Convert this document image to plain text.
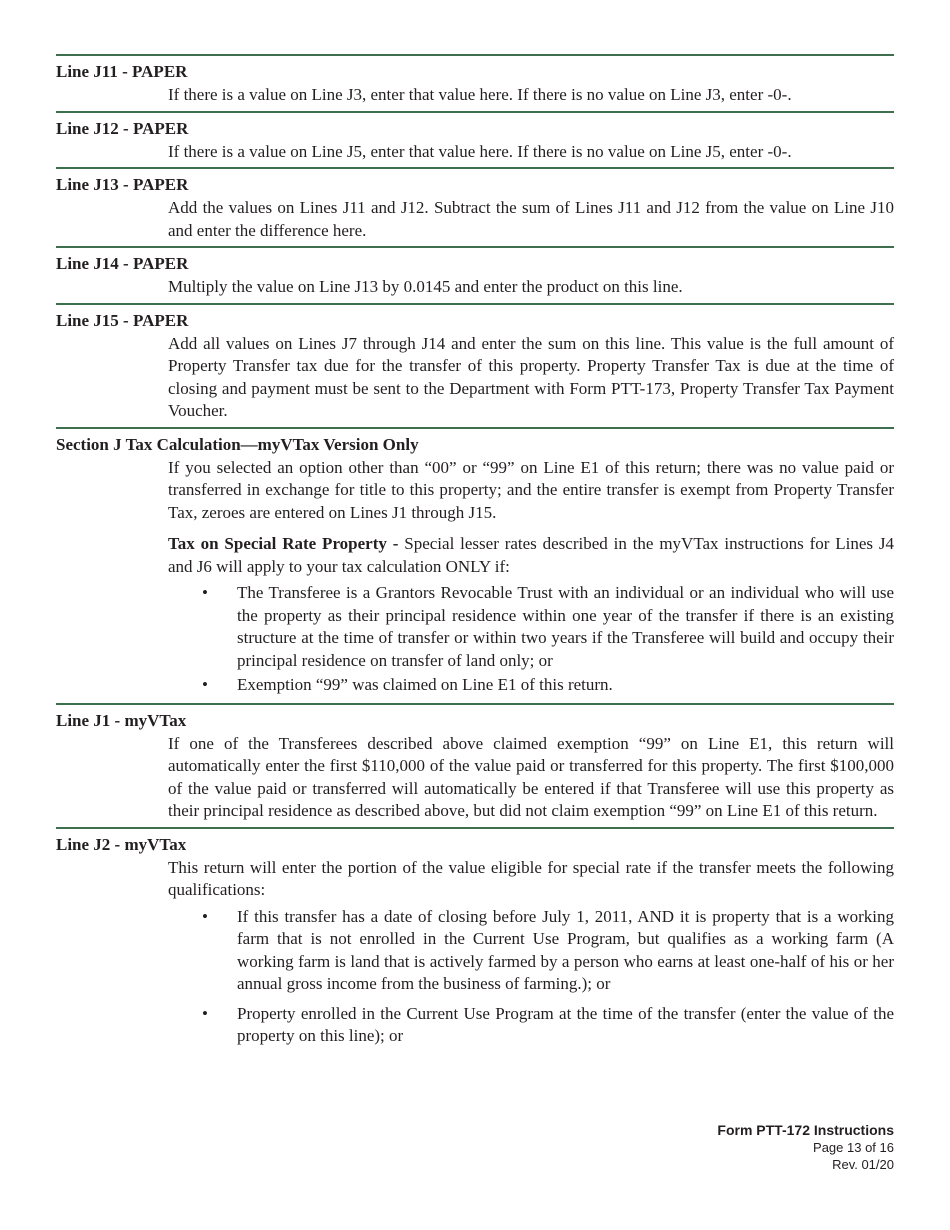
Line J11 - PAPER

If there is a value on Line J3, enter that value here. If there is no value on Line J3, enter -0-.

Line J12 - PAPER

If there is a value on Line J5, enter that value here. If there is no value on Line J5, enter -0-.

Line J13 - PAPER

Add the values on Lines J11 and J12. Subtract the sum of Lines J11 and J12 from the value on Line J10 and enter the difference here.

Line J14 - PAPER

Multiply the value on Line J13 by 0.0145 and enter the product on this line.

Line J15 - PAPER

Add all values on Lines J7 through J14 and enter the sum on this line. This value is the full amount of Property Transfer tax due for the transfer of this property. Property Transfer Tax is due at the time of closing and payment must be sent to the Department with Form PTT-173, Property Transfer Tax Payment Voucher.

Section J Tax Calculation—myVTax Version Only

If you selected an option other than “00” or “99” on Line E1 of this return; there was no value paid or transferred in exchange for title to this property; and the entire transfer is exempt from Property Transfer Tax, zeroes are entered on Lines J1 through J15.

Tax on Special Rate Property - Special lesser rates described in the myVTax instructions for Lines J4 and J6 will apply to your tax calculation ONLY if:

• The Transferee is a Grantors Revocable Trust with an individual or an individual who will use the property as their principal residence within one year of the transfer if there is an existing structure at the time of transfer or within two years if the Transferee will build and occupy their principal residence on transfer of land only; or
• Exemption “99” was claimed on Line E1 of this return.

Line J1 - myVTax

If one of the Transferees described above claimed exemption “99” on Line E1, this return will automatically enter the first $110,000 of the value paid or transferred for this property. The first $100,000 of the value paid or transferred will automatically be entered if that Transferee will use this property as their principal residence as described above, but did not claim exemption “99” on Line E1 of this return.

Line J2 - myVTax

This return will enter the portion of the value eligible for special rate if the transfer meets the following qualifications:

• If this transfer has a date of closing before July 1, 2011, AND it is property that is a working farm that is not enrolled in the Current Use Program, but qualifies as a working farm (A working farm is land that is actively farmed by a person who earns at least one-half of his or her annual gross income from the business of farming.); or
• Property enrolled in the Current Use Program at the time of the transfer (enter the value of the property on this line); or
Form PTT-172 Instructions
Page 13 of 16
Rev. 01/20
